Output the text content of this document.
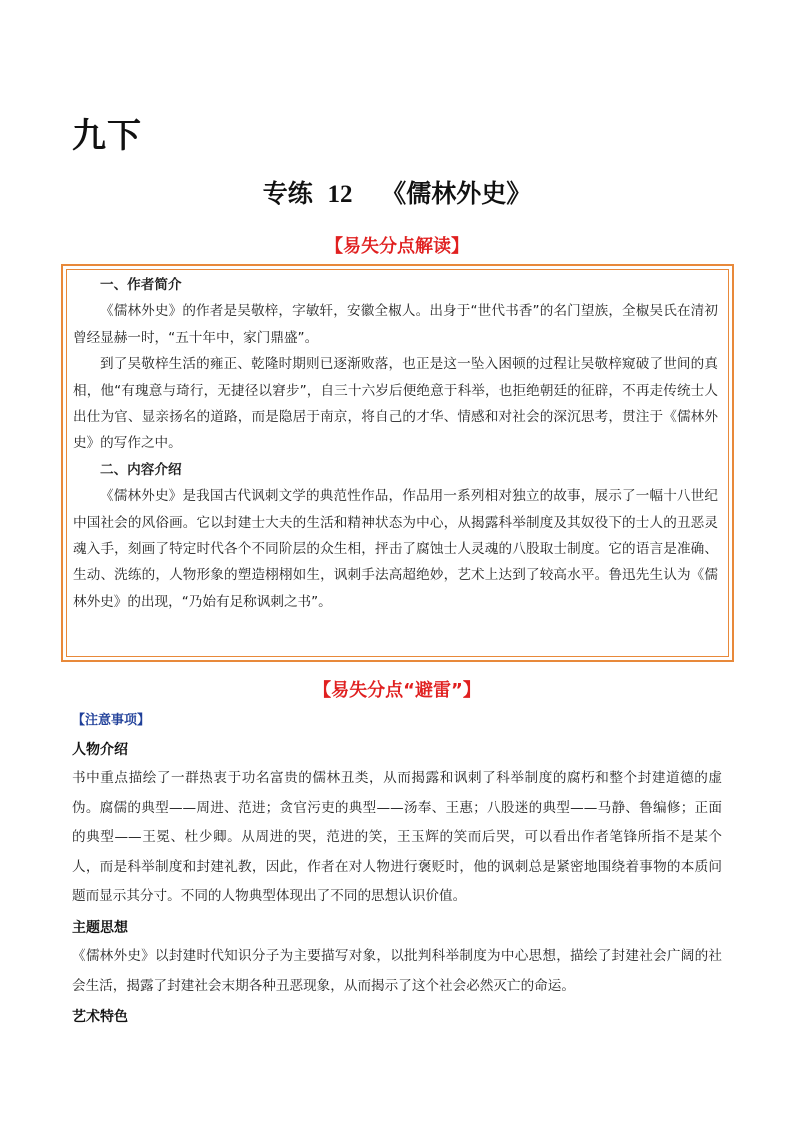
九下
专练 12 《儒林外史》
【易失分点解读】

一、作者简介

《儒林外史》的作者是吴敬梓，字敏轩，安徽全椒人。出身于“世代书香”的名门望族，全椒吴氏在清初曾经显赫一时，“五十年中，家门鼎盛”。

到了吴敬梓生活的雍正、乾隆时期则已逐渐败落，也正是这一坠入困顿的过程让吴敬梓窥破了世间的真相，他“有瑰意与琦行，无捷径以窘步”，自三十六岁后便绝意于科举，也拒绝朝廷的征辟，不再走传统士人出仕为官、显亲扬名的道路，而是隐居于南京，将自己的才华、情感和对社会的深沉思考，贯注于《儒林外史》的写作之中。

二、内容介绍

《儒林外史》是我国古代讽刺文学的典范性作品，作品用一系列相对独立的故事，展示了一幅十八世纪中国社会的风俗画。它以封建士大夫的生活和精神状态为中心，从揭露科举制度及其奴役下的士人的丑恶灵魂入手，刻画了特定时代各个不同阶层的众生相，抨击了腐蚀士人灵魂的八股取士制度。它的语言是准确、生动、洗练的，人物形象的塑造栩栩如生，讽刺手法高超绝妙，艺术上达到了较高水平。鲁迅先生认为《儒林外史》的出现，“乃始有足称讽刺之书”。

【易失分点“避雷”】
【注意事项】
人物介绍

书中重点描绘了一群热衷于功名富贵的儒林丑类，从而揭露和讽刺了科举制度的腐朽和整个封建道德的虚伪。腐儒的典型——周进、范进；贪官污吏的典型——汤奉、王惠；八股迷的典型——马静、鲁编修；正面的典型——王冕、杜少卿。从周进的哭，范进的笑，王玉辉的笑而后哭，可以看出作者笔锋所指不是某个人，而是科举制度和封建礼教，因此，作者在对人物进行褒贬时，他的讽刺总是紧密地围绕着事物的本质问题而显示其分寸。不同的人物典型体现出了不同的思想认识价值。

主题思想

《儒林外史》以封建时代知识分子为主要描写对象，以批判科举制度为中心思想，描绘了封建社会广阔的社会生活，揭露了封建社会末期各种丑恶现象，从而揭示了这个社会必然灭亡的命运。

艺术特色
